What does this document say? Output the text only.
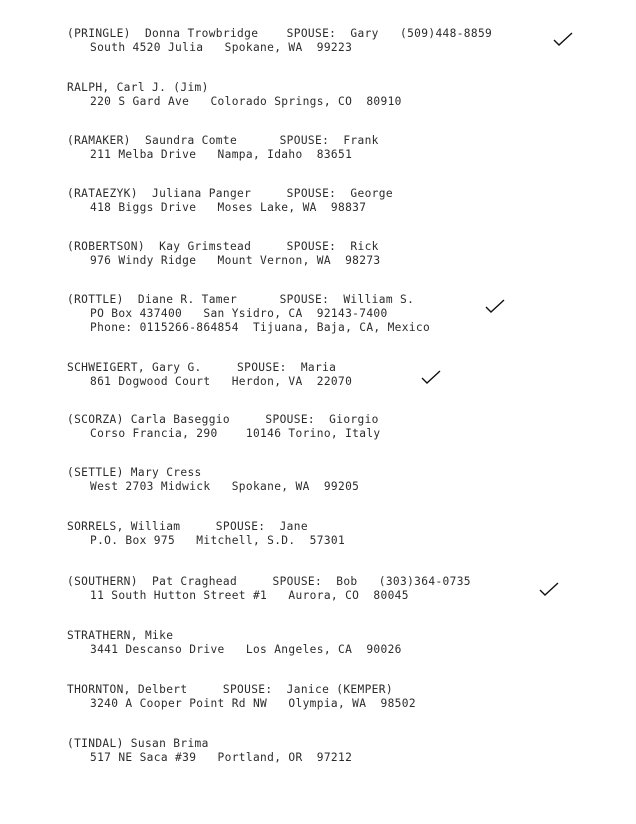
(PRINGLE)  Donna Trowbridge    SPOUSE:  Gary   (509)448-8859
South 4520 Julia   Spokane, WA  99223
RALPH, Carl J. (Jim)
220 S Gard Ave   Colorado Springs, CO  80910
(RAMAKER)  Saundra Comte      SPOUSE:  Frank
211 Melba Drive   Nampa, Idaho  83651
(RATAEZYK)  Juliana Panger     SPOUSE:  George
418 Biggs Drive   Moses Lake, WA  98837
(ROBERTSON)  Kay Grimstead     SPOUSE:  Rick
976 Windy Ridge   Mount Vernon, WA  98273
(ROTTLE)  Diane R. Tamer      SPOUSE:  William S.
PO Box 437400   San Ysidro, CA  92143-7400
Phone: 0115266-864854  Tijuana, Baja, CA, Mexico
SCHWEIGERT, Gary G.     SPOUSE:  Maria
861 Dogwood Court   Herdon, VA  22070
(SCORZA) Carla Baseggio     SPOUSE:  Giorgio
Corso Francia, 290    10146 Torino, Italy
(SETTLE) Mary Cress
West 2703 Midwick   Spokane, WA  99205
SORRELS, William     SPOUSE:  Jane
P.O. Box 975   Mitchell, S.D.  57301
(SOUTHERN)  Pat Craghead     SPOUSE:  Bob   (303)364-0735
11 South Hutton Street #1   Aurora, CO  80045
STRATHERN, Mike
3441 Descanso Drive   Los Angeles, CA  90026
THORNTON, Delbert     SPOUSE:  Janice (KEMPER)
3240 A Cooper Point Rd NW   Olympia, WA  98502
(TINDAL) Susan Brima
517 NE Saca #39   Portland, OR  97212
